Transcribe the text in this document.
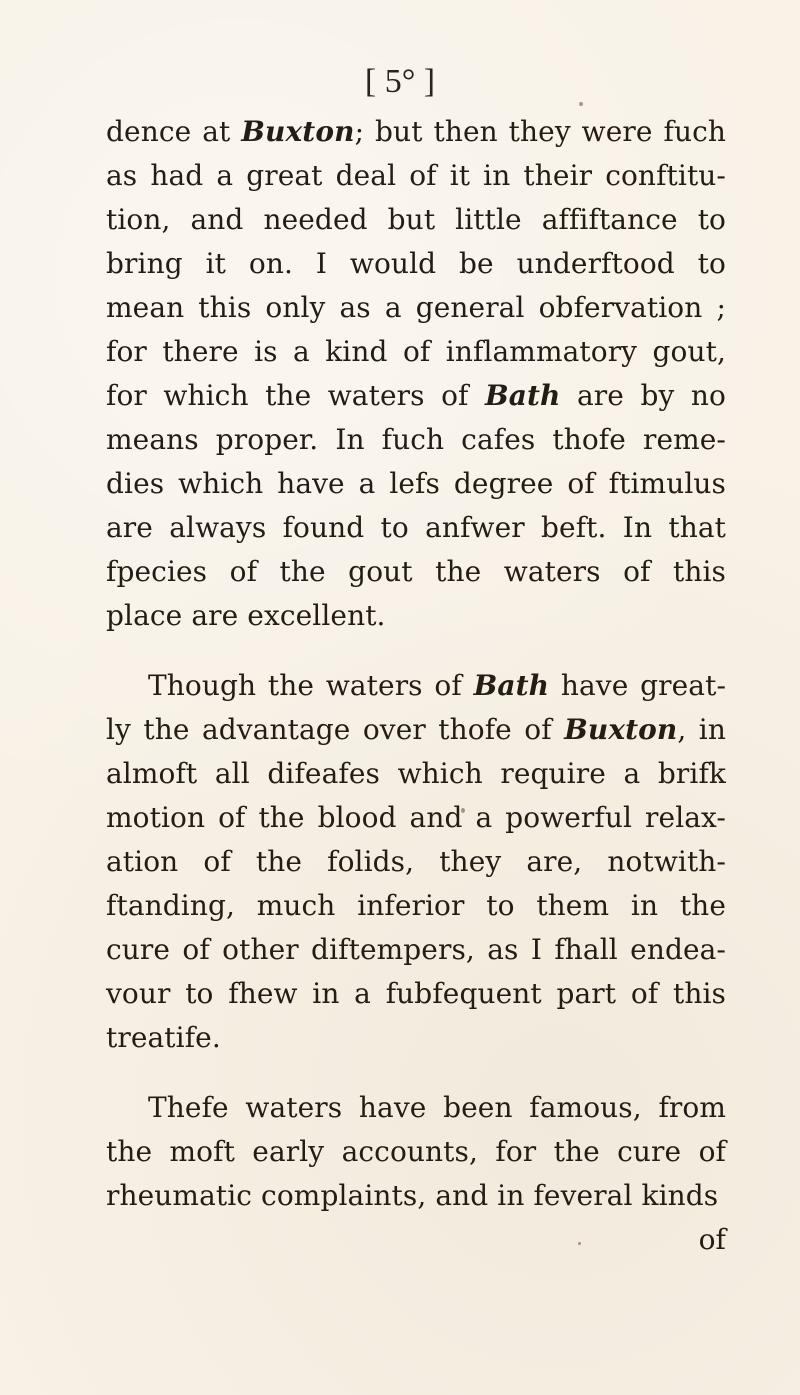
[ 5° ]
dence at Buxton; but then they were fuch
as had a great deal of it in their conftitu-
tion, and needed but little affiftance to
bring it on. I would be underftood to
mean this only as a general obfervation ;
for there is a kind of inflammatory gout,
for which the waters of Bath are by no
means proper. In fuch cafes thofe reme-
dies which have a lefs degree of ftimulus
are always found to anfwer beft. In that
fpecies of the gout the waters of this
place are excellent.
Though the waters of Bath have great-
ly the advantage over thofe of Buxton, in
almoft all difeafes which require a brifk
motion of the blood and a powerful relax-
ation of the folids, they are, notwith-
ftanding, much inferior to them in the
cure of other diftempers, as I fhall endea-
vour to fhew in a fubfequent part of this
treatife.
Thefe waters have been famous, from
the moft early accounts, for the cure of
rheumatic complaints, and in feveral kinds
of
